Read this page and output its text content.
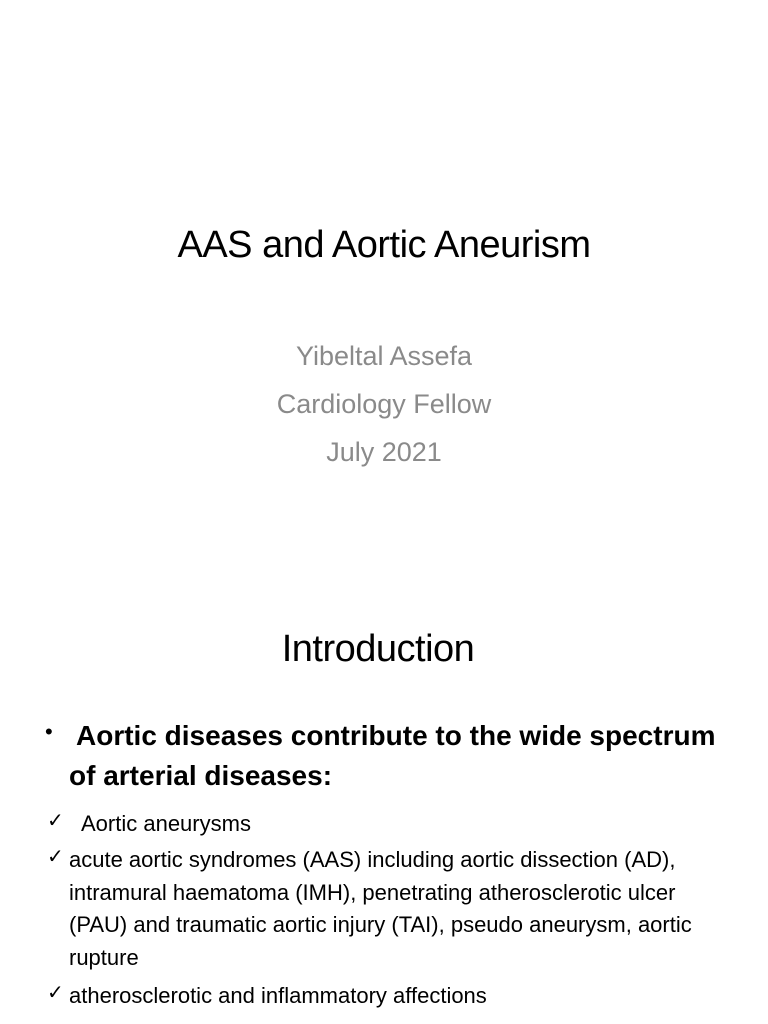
AAS and Aortic Aneurism
Yibeltal Assefa
Cardiology Fellow
July 2021
Introduction
• Aortic diseases contribute to the wide spectrum of arterial diseases:
✓ Aortic aneurysms
✓ acute aortic syndromes (AAS) including aortic dissection (AD), intramural haematoma (IMH), penetrating atherosclerotic ulcer (PAU) and traumatic aortic injury (TAI), pseudo aneurysm, aortic rupture
✓ atherosclerotic and inflammatory affections
